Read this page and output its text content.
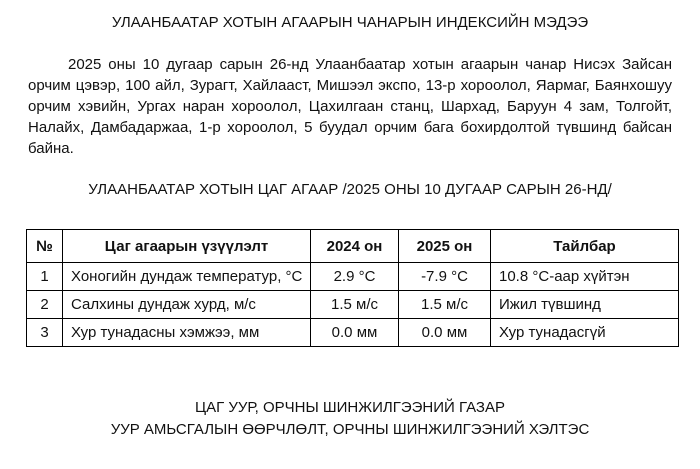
УЛААНБААТАР ХОТЫН АГААРЫН ЧАНАРЫН ИНДЕКСИЙН МЭДЭЭ
2025 оны 10 дугаар сарын 26-нд Улаанбаатар хотын агаарын чанар Нисэх Зайсан орчим цэвэр, 100 айл, Зурагт, Хайлааст, Мишээл экспо, 13-р хороолол, Яармаг, Баянхошуу орчим хэвийн, Ургах наран хороолол, Цахилгаан станц, Шархад, Баруун 4 зам, Толгойт, Налайх, Дамбадаржаа, 1-р хороолол, 5 буудал орчим бага бохирдолтой түвшинд байсан байна.
УЛААНБААТАР ХОТЫН ЦАГ АГААР /2025 ОНЫ 10 ДУГААР САРЫН 26-НД/
№	Цаг агаарын үзүүлэлт	2024 он	2025 он	Тайлбар
1	Хоногийн дундаж температур, °С	2.9 °С	-7.9 °С	10.8 °С-аар хүйтэн
2	Салхины дундаж хурд, м/с	1.5 м/с	1.5 м/с	Ижил түвшинд
3	Хур тунадасны хэмжээ, мм	0.0 мм	0.0 мм	Хур тунадасгүй
ЦАГ УУР, ОРЧНЫ ШИНЖИЛГЭЭНИЙ ГАЗАР
УУР АМЬСГАЛЫН ӨӨРЧЛӨЛТ, ОРЧНЫ ШИНЖИЛГЭЭНИЙ ХЭЛТЭС
